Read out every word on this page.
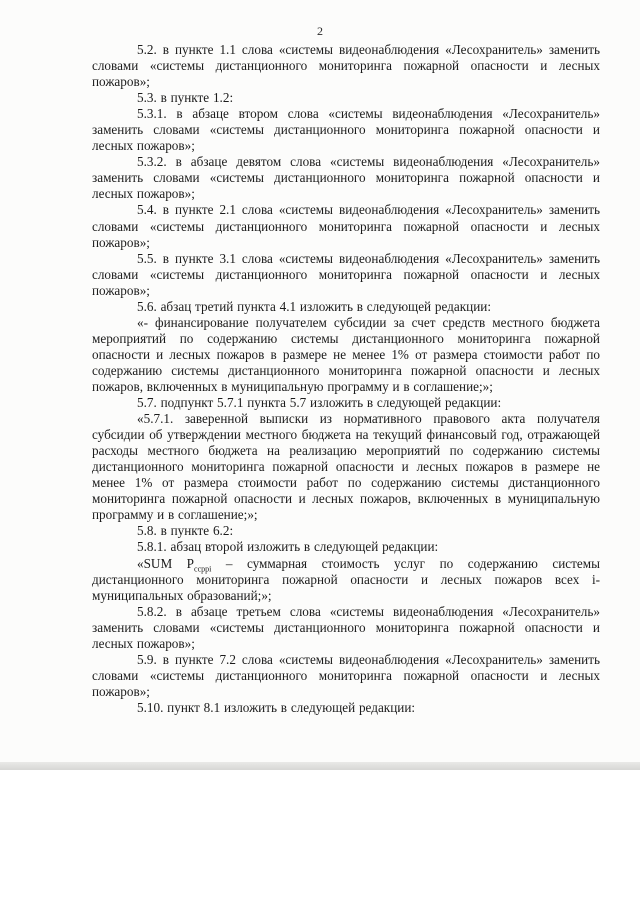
2

5.2. в пункте 1.1 слова «системы видеонаблюдения «Лесохранитель» заменить словами «системы дистанционного мониторинга пожарной опасности и лесных пожаров»;

5.3. в пункте 1.2:

5.3.1. в абзаце втором слова «системы видеонаблюдения «Лесохранитель» заменить словами «системы дистанционного мониторинга пожарной опасности и лесных пожаров»;

5.3.2. в абзаце девятом слова «системы видеонаблюдения «Лесохранитель» заменить словами «системы дистанционного мониторинга пожарной опасности и лесных пожаров»;

5.4. в пункте 2.1 слова «системы видеонаблюдения «Лесохранитель» заменить словами «системы дистанционного мониторинга пожарной опасности и лесных пожаров»;

5.5. в пункте 3.1 слова «системы видеонаблюдения «Лесохранитель» заменить словами «системы дистанционного мониторинга пожарной опасности и лесных пожаров»;

5.6. абзац третий пункта 4.1 изложить в следующей редакции:

«- финансирование получателем субсидии за счет средств местного бюджета мероприятий по содержанию системы дистанционного мониторинга пожарной опасности и лесных пожаров в размере не менее 1% от размера стоимости работ по содержанию системы дистанционного мониторинга пожарной опасности и лесных пожаров, включенных в муниципальную программу и в соглашение;»;

5.7. подпункт 5.7.1 пункта 5.7 изложить в следующей редакции:

«5.7.1. заверенной выписки из нормативного правового акта получателя субсидии об утверждении местного бюджета на текущий финансовый год, отражающей расходы местного бюджета на реализацию мероприятий по содержанию системы дистанционного мониторинга пожарной опасности и лесных пожаров в размере не менее 1% от размера стоимости работ по содержанию системы дистанционного мониторинга пожарной опасности и лесных пожаров, включенных в муниципальную программу и в соглашение;»;

5.8. в пункте 6.2:

5.8.1. абзац второй изложить в следующей редакции:

«SUM $P_{ссрpi}$ – суммарная стоимость услуг по содержанию системы дистанционного мониторинга пожарной опасности и лесных пожаров всех i-муниципальных образований;»;

5.8.2. в абзаце третьем слова «системы видеонаблюдения «Лесохранитель» заменить словами «системы дистанционного мониторинга пожарной опасности и лесных пожаров»;

5.9. в пункте 7.2 слова «системы видеонаблюдения «Лесохранитель» заменить словами «системы дистанционного мониторинга пожарной опасности и лесных пожаров»;

5.10. пункт 8.1 изложить в следующей редакции:
